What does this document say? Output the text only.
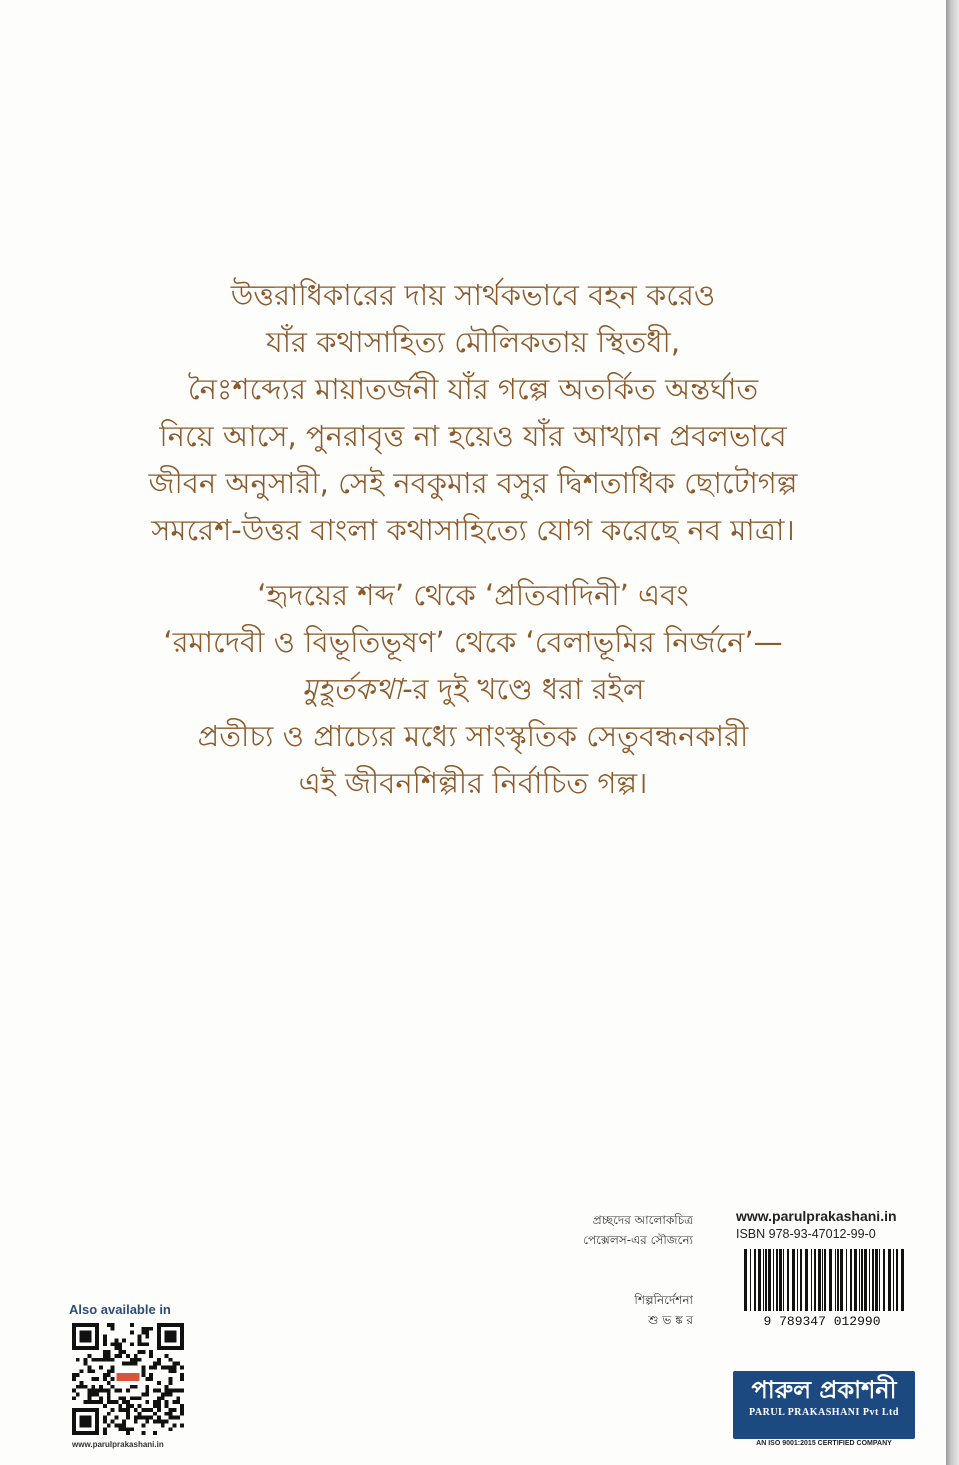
উত্তরাধিকারের দায় সার্থকভাবে বহন করেও
যাঁর কথাসাহিত্য মৌলিকতায় স্থিতধী,
নৈঃশব্দ্যের মায়াতর্জনী যাঁর গল্পে অতর্কিত অন্তর্ঘাত
নিয়ে আসে, পুনরাবৃত্ত না হয়েও যাঁর আখ্যান প্রবলভাবে
জীবন অনুসারী, সেই নবকুমার বসুর দ্বিশতাধিক ছোটোগল্প
সমরেশ-উত্তর বাংলা কথাসাহিত্যে যোগ করেছে নব মাত্রা।
‘হৃদয়ের শব্দ’ থেকে ‘প্রতিবাদিনী’ এবং
‘রমাদেবী ও বিভূতিভূষণ’ থেকে ‘বেলাভূমির নির্জনে’—
মুহূর্তকথা-র দুই খণ্ডে ধরা রইল
প্রতীচ্য ও প্রাচ্যের মধ্যে সাংস্কৃতিক সেতুবন্ধনকারী
এই জীবনশিল্পীর নির্বাচিত গল্প।
প্রচ্ছদের আলোকচিত্র
পেক্সেলস-এর সৌজন্যে
শিল্পনির্দেশনা
শু ভ ঙ্ক র
www.parulprakashani.in
ISBN 978-93-47012-99-0
9 789347 012990
পারুল প্রকাশনী
PARUL PRAKASHANI Pvt Ltd
AN ISO 9001:2015 CERTIFIED COMPANY
Also available in
www.parulprakashani.in
